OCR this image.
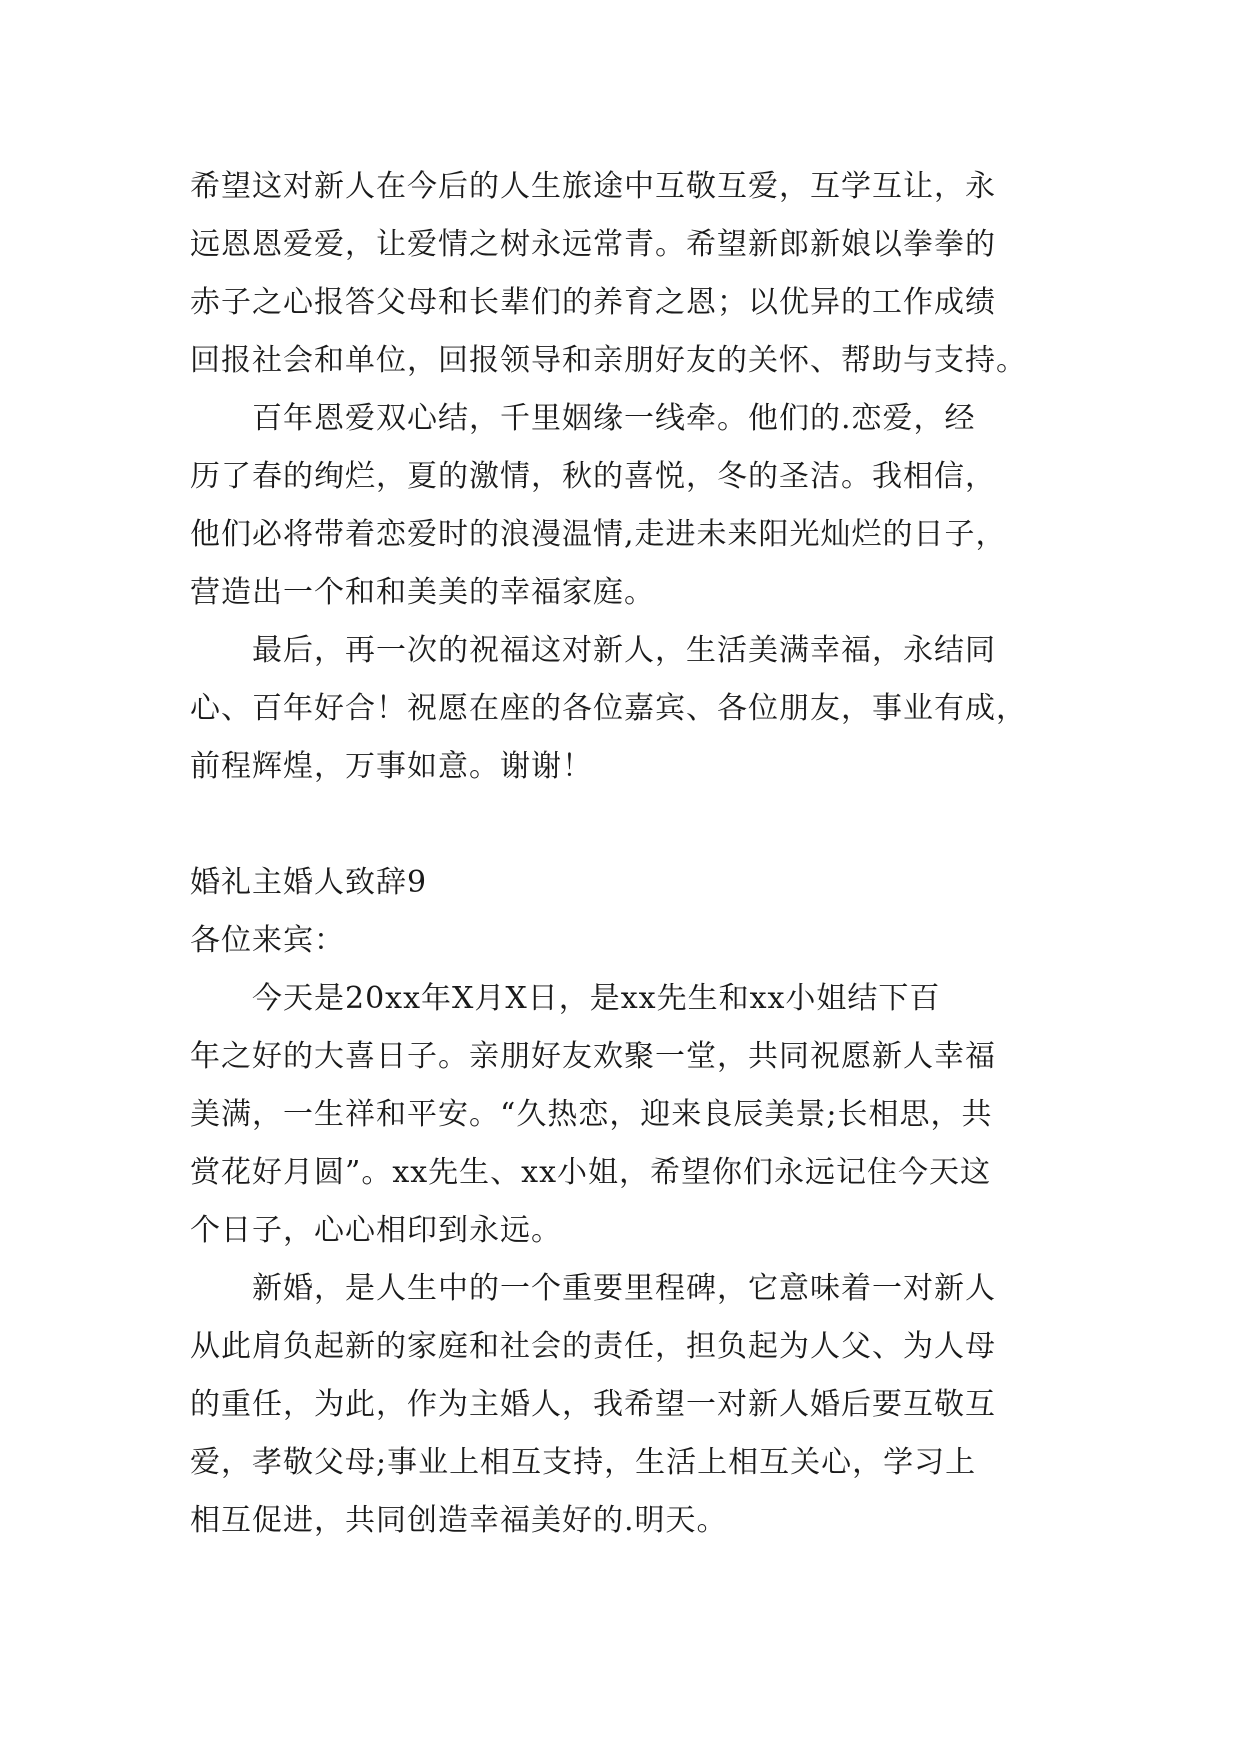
希望这对新人在今后的人生旅途中互敬互爱，互学互让，永
远恩恩爱爱，让爱情之树永远常青。希望新郎新娘以拳拳的
赤子之心报答父母和长辈们的养育之恩；以优异的工作成绩
回报社会和单位，回报领导和亲朋好友的关怀、帮助与支持。
百年恩爱双心结，千里姻缘一线牵。他们的.恋爱，经
历了春的绚烂，夏的激情，秋的喜悦，冬的圣洁。我相信，
他们必将带着恋爱时的浪漫温情,走进未来阳光灿烂的日子，
营造出一个和和美美的幸福家庭。
最后，再一次的祝福这对新人，生活美满幸福，永结同
心、百年好合！祝愿在座的各位嘉宾、各位朋友，事业有成，
前程辉煌，万事如意。谢谢！
婚礼主婚人致辞9
各位来宾：
今天是20xx年X月X日，是xx先生和xx小姐结下百
年之好的大喜日子。亲朋好友欢聚一堂，共同祝愿新人幸福
美满，一生祥和平安。“久热恋，迎来良辰美景;长相思，共
赏花好月圆”。xx先生、xx小姐，希望你们永远记住今天这
个日子，心心相印到永远。
新婚，是人生中的一个重要里程碑，它意味着一对新人
从此肩负起新的家庭和社会的责任，担负起为人父、为人母
的重任，为此，作为主婚人，我希望一对新人婚后要互敬互
爱，孝敬父母;事业上相互支持，生活上相互关心，学习上
相互促进，共同创造幸福美好的.明天。
